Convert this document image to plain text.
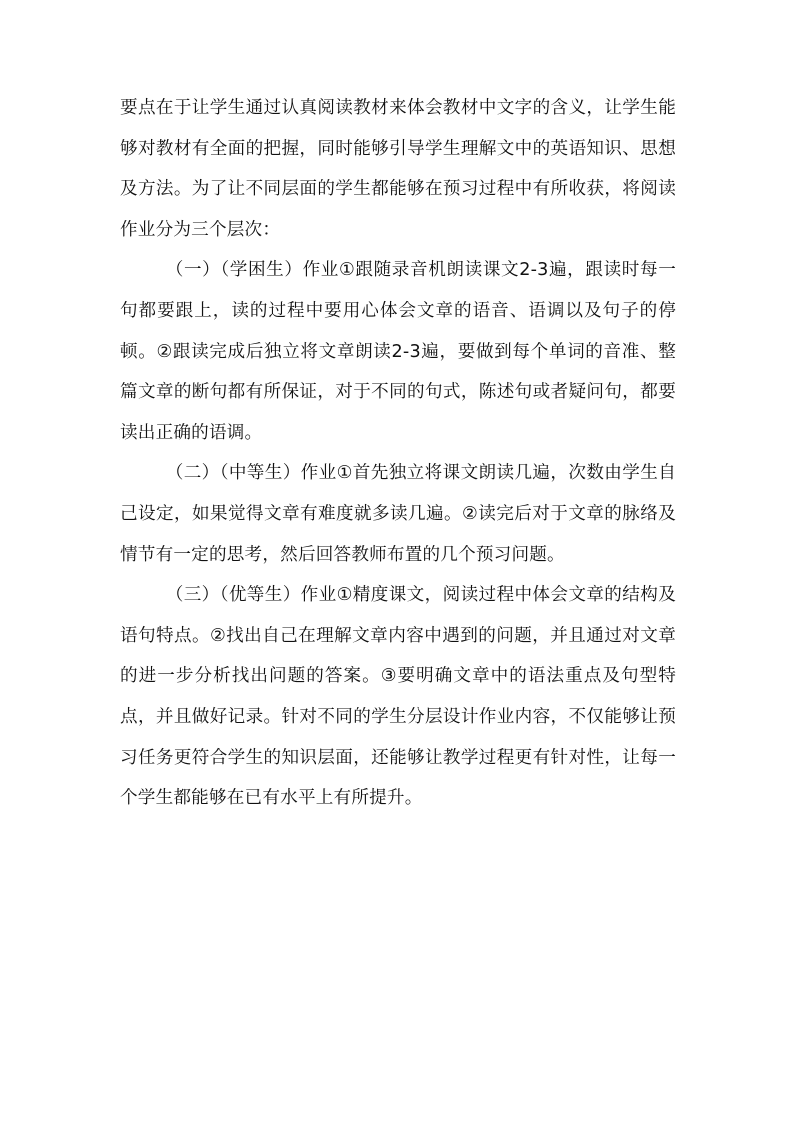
要点在于让学生通过认真阅读教材来体会教材中文字的含义，让学生能够对教材有全面的把握，同时能够引导学生理解文中的英语知识、思想及方法。为了让不同层面的学生都能够在预习过程中有所收获，将阅读作业分为三个层次：

（一）（学困生）作业①跟随录音机朗读课文2-3遍，跟读时每一句都要跟上，读的过程中要用心体会文章的语音、语调以及句子的停顿。②跟读完成后独立将文章朗读2-3遍，要做到每个单词的音准、整篇文章的断句都有所保证，对于不同的句式，陈述句或者疑问句，都要读出正确的语调。

（二）（中等生）作业①首先独立将课文朗读几遍，次数由学生自己设定，如果觉得文章有难度就多读几遍。②读完后对于文章的脉络及情节有一定的思考，然后回答教师布置的几个预习问题。

（三）（优等生）作业①精度课文，阅读过程中体会文章的结构及语句特点。②找出自己在理解文章内容中遇到的问题，并且通过对文章的进一步分析找出问题的答案。③要明确文章中的语法重点及句型特点，并且做好记录。针对不同的学生分层设计作业内容，不仅能够让预习任务更符合学生的知识层面，还能够让教学过程更有针对性，让每一个学生都能够在已有水平上有所提升。
